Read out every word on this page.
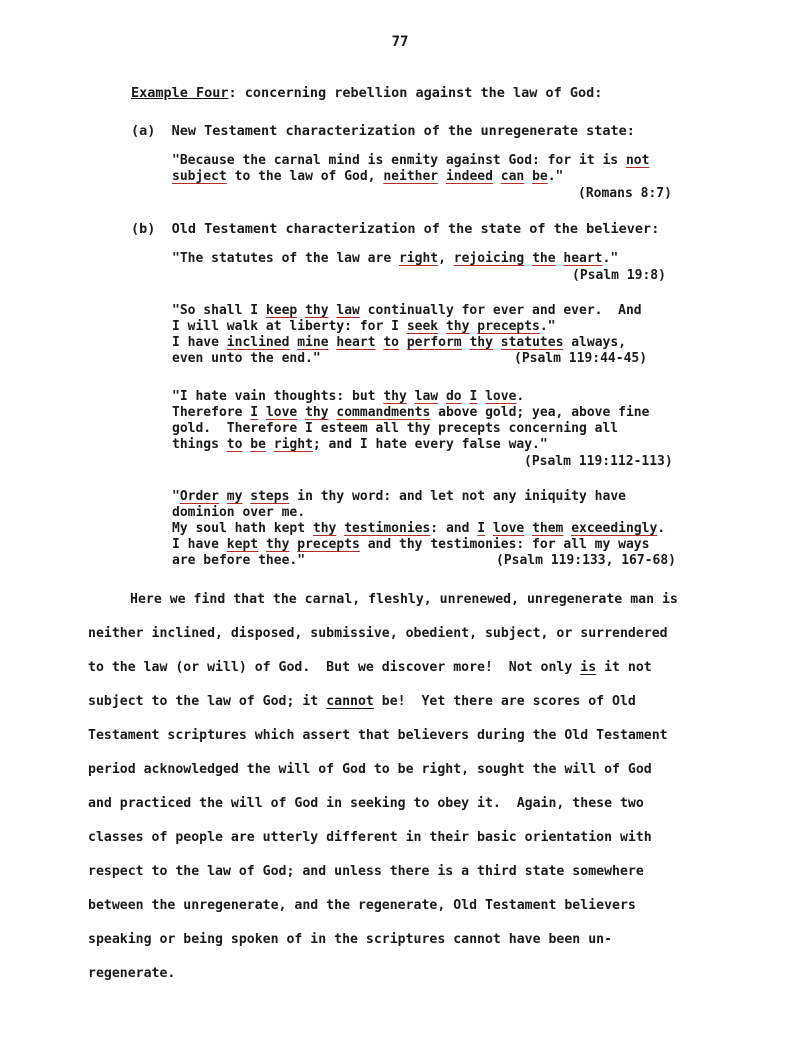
77
Example Four: concerning rebellion against the law of God:
(a) New Testament characterization of the unregenerate state:
"Because the carnal mind is enmity against God: for it is not
subject to the law of God, neither indeed can be."
(Romans 8:7)
(b) Old Testament characterization of the state of the believer:
"The statutes of the law are right, rejoicing the heart."
(Psalm 19:8)
"So shall I keep thy law continually for ever and ever.  And
I will walk at liberty: for I seek thy precepts."
I have inclined mine heart to perform thy statutes always,
even unto the end."	(Psalm 119:44-45)
"I hate vain thoughts: but thy law do I love.
Therefore I love thy commandments above gold; yea, above fine
gold.  Therefore I esteem all thy precepts concerning all
things to be right; and I hate every false way."
(Psalm 119:112-113)
"Order my steps in thy word: and let not any iniquity have
dominion over me.
My soul hath kept thy testimonies: and I love them exceedingly.
I have kept thy precepts and thy testimonies: for all my ways
are before thee."	(Psalm 119:133, 167-68)
Here we find that the carnal, fleshly, unrenewed, unregenerate man is
neither inclined, disposed, submissive, obedient, subject, or surrendered
to the law (or will) of God.  But we discover more!  Not only is it not
subject to the law of God; it cannot be!  Yet there are scores of Old
Testament scriptures which assert that believers during the Old Testament
period acknowledged the will of God to be right, sought the will of God
and practiced the will of God in seeking to obey it.  Again, these two
classes of people are utterly different in their basic orientation with
respect to the law of God; and unless there is a third state somewhere
between the unregenerate, and the regenerate, Old Testament believers
speaking or being spoken of in the scriptures cannot have been un-
regenerate.
